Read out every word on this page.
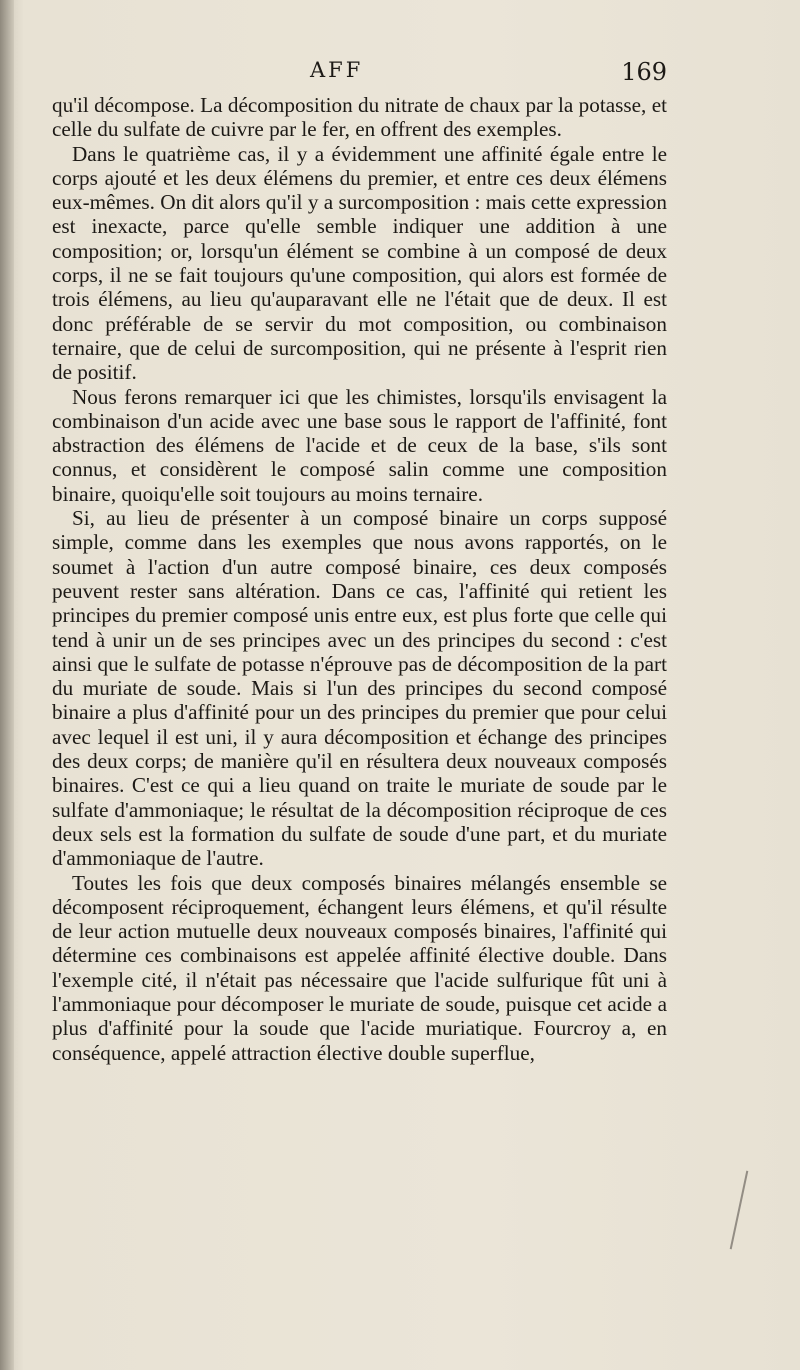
AFF	169

qu'il décompose. La décomposition du nitrate de chaux par la potasse, et celle du sulfate de cuivre par le fer, en offrent des exemples.

Dans le quatrième cas, il y a évidemment une affinité égale entre le corps ajouté et les deux élémens du premier, et entre ces deux élémens eux-mêmes. On dit alors qu'il y a surcomposition : mais cette expression est inexacte, parce qu'elle semble indiquer une addition à une composition; or, lorsqu'un élément se combine à un composé de deux corps, il ne se fait toujours qu'une composition, qui alors est formée de trois élémens, au lieu qu'auparavant elle ne l'était que de deux. Il est donc préférable de se servir du mot composition, ou combinaison ternaire, que de celui de surcomposition, qui ne présente à l'esprit rien de positif.

Nous ferons remarquer ici que les chimistes, lorsqu'ils envisagent la combinaison d'un acide avec une base sous le rapport de l'affinité, font abstraction des élémens de l'acide et de ceux de la base, s'ils sont connus, et considèrent le composé salin comme une composition binaire, quoiqu'elle soit toujours au moins ternaire.

Si, au lieu de présenter à un composé binaire un corps supposé simple, comme dans les exemples que nous avons rapportés, on le soumet à l'action d'un autre composé binaire, ces deux composés peuvent rester sans altération. Dans ce cas, l'affinité qui retient les principes du premier composé unis entre eux, est plus forte que celle qui tend à unir un de ses principes avec un des principes du second : c'est ainsi que le sulfate de potasse n'éprouve pas de décomposition de la part du muriate de soude. Mais si l'un des principes du second composé binaire a plus d'affinité pour un des principes du premier que pour celui avec lequel il est uni, il y aura décomposition et échange des principes des deux corps; de manière qu'il en résultera deux nouveaux composés binaires. C'est ce qui a lieu quand on traite le muriate de soude par le sulfate d'ammoniaque; le résultat de la décomposition réciproque de ces deux sels est la formation du sulfate de soude d'une part, et du muriate d'ammoniaque de l'autre.

Toutes les fois que deux composés binaires mélangés ensemble se décomposent réciproquement, échangent leurs élémens, et qu'il résulte de leur action mutuelle deux nouveaux composés binaires, l'affinité qui détermine ces combinaisons est appelée affinité élective double. Dans l'exemple cité, il n'était pas nécessaire que l'acide sulfurique fût uni à l'ammoniaque pour décomposer le muriate de soude, puisque cet acide a plus d'affinité pour la soude que l'acide muriatique. Fourcroy a, en conséquence, appelé attraction élective double superflue,
